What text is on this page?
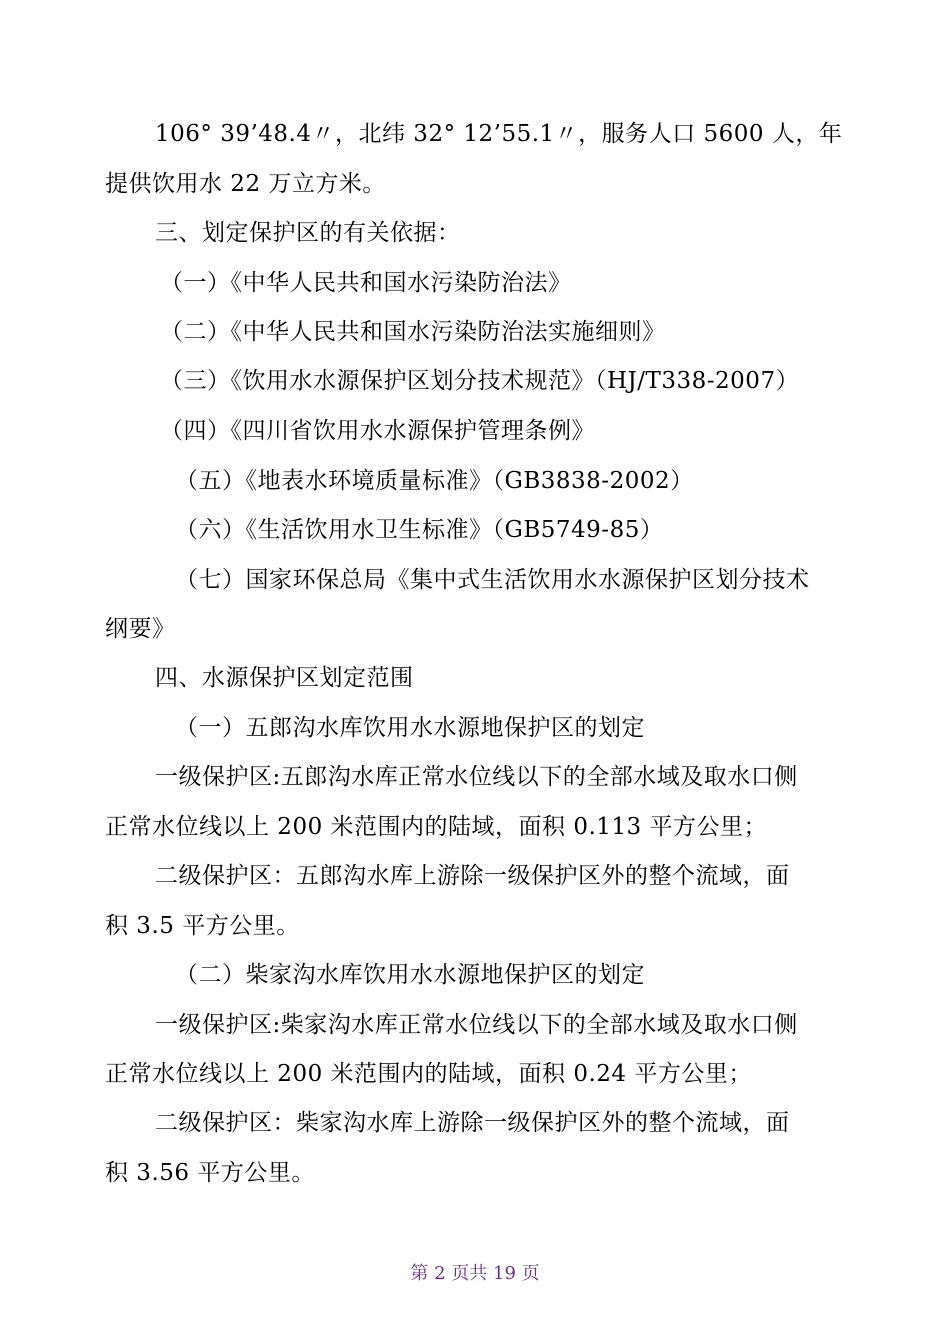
106° 39’48.4〃，北纬 32° 12’55.1〃，服务人口 5600 人，年
提供饮用水 22 万立方米。
三、划定保护区的有关依据：
（一）《中华人民共和国水污染防治法》
（二）《中华人民共和国水污染防治法实施细则》
（三）《饮用水水源保护区划分技术规范》（HJ/T338-2007）
（四）《四川省饮用水水源保护管理条例》
（五）《地表水环境质量标准》（GB3838-2002）
（六）《生活饮用水卫生标准》（GB5749-85）
（七）国家环保总局《集中式生活饮用水水源保护区划分技术
纲要》
四、水源保护区划定范围
（一）五郎沟水库饮用水水源地保护区的划定
一级保护区:五郎沟水库正常水位线以下的全部水域及取水口侧
正常水位线以上 200 米范围内的陆域，面积 0.113 平方公里；
二级保护区：五郎沟水库上游除一级保护区外的整个流域，面
积 3.5 平方公里。
（二）柴家沟水库饮用水水源地保护区的划定
一级保护区:柴家沟水库正常水位线以下的全部水域及取水口侧
正常水位线以上 200 米范围内的陆域，面积 0.24 平方公里；
二级保护区：柴家沟水库上游除一级保护区外的整个流域，面
积 3.56 平方公里。
第 2 页共 19 页
